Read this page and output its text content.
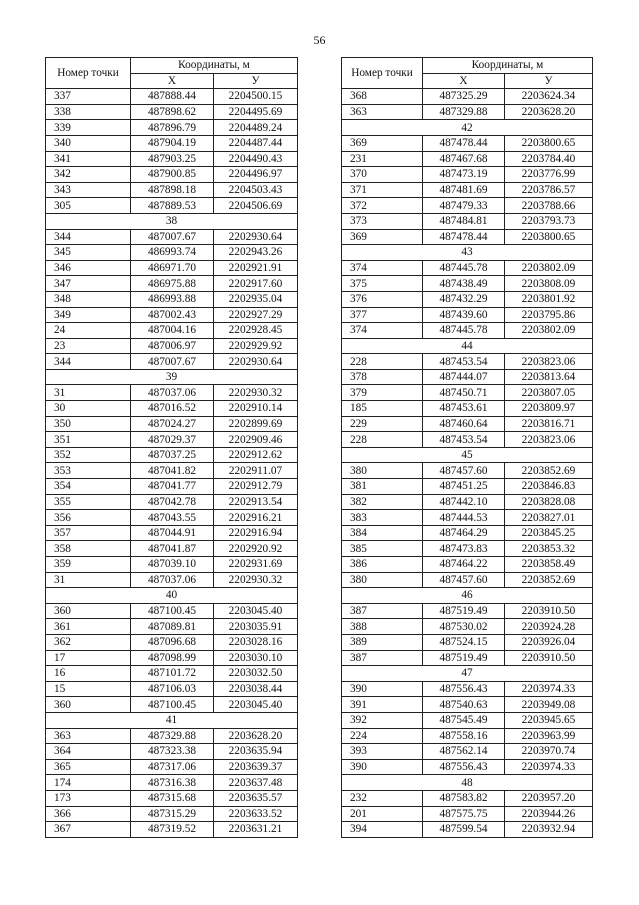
56
Номер точки	Координаты, м	
	X	У
337	487888.44	2204500.15
338	487898.62	2204495.69
339	487896.79	2204489.24
340	487904.19	2204487.44
341	487903.25	2204490.43
342	487900.85	2204496.97
343	487898.18	2204503.43
305	487889.53	2204506.69
38		
344	487007.67	2202930.64
345	486993.74	2202943.26
346	486971.70	2202921.91
347	486975.88	2202917.60
348	486993.88	2202935.04
349	487002.43	2202927.29
24	487004.16	2202928.45
23	487006.97	2202929.92
344	487007.67	2202930.64
39		
31	487037.06	2202930.32
30	487016.52	2202910.14
350	487024.27	2202899.69
351	487029.37	2202909.46
352	487037.25	2202912.62
353	487041.82	2202911.07
354	487041.77	2202912.79
355	487042.78	2202913.54
356	487043.55	2202916.21
357	487044.91	2202916.94
358	487041.87	2202920.92
359	487039.10	2202931.69
31	487037.06	2202930.32
40		
360	487100.45	2203045.40
361	487089.81	2203035.91
362	487096.68	2203028.16
17	487098.99	2203030.10
16	487101.72	2203032.50
15	487106.03	2203038.44
360	487100.45	2203045.40
41		
363	487329.88	2203628.20
364	487323.38	2203635.94
365	487317.06	2203639.37
174	487316.38	2203637.48
173	487315.68	2203635.57
366	487315.29	2203633.52
367	487319.52	2203631.21
Номер точки	Координаты, м	
	X	У
368	487325.29	2203624.34
363	487329.88	2203628.20
42		
369	487478.44	2203800.65
231	487467.68	2203784.40
370	487473.19	2203776.99
371	487481.69	2203786.57
372	487479.33	2203788.66
373	487484.81	2203793.73
369	487478.44	2203800.65
43		
374	487445.78	2203802.09
375	487438.49	2203808.09
376	487432.29	2203801.92
377	487439.60	2203795.86
374	487445.78	2203802.09
44		
228	487453.54	2203823.06
378	487444.07	2203813.64
379	487450.71	2203807.05
185	487453.61	2203809.97
229	487460.64	2203816.71
228	487453.54	2203823.06
45		
380	487457.60	2203852.69
381	487451.25	2203846.83
382	487442.10	2203828.08
383	487444.53	2203827.01
384	487464.29	2203845.25
385	487473.83	2203853.32
386	487464.22	2203858.49
380	487457.60	2203852.69
46		
387	487519.49	2203910.50
388	487530.02	2203924.28
389	487524.15	2203926.04
387	487519.49	2203910.50
47		
390	487556.43	2203974.33
391	487540.63	2203949.08
392	487545.49	2203945.65
224	487558.16	2203963.99
393	487562.14	2203970.74
390	487556.43	2203974.33
48		
232	487583.82	2203957.20
201	487575.75	2203944.26
394	487599.54	2203932.94
